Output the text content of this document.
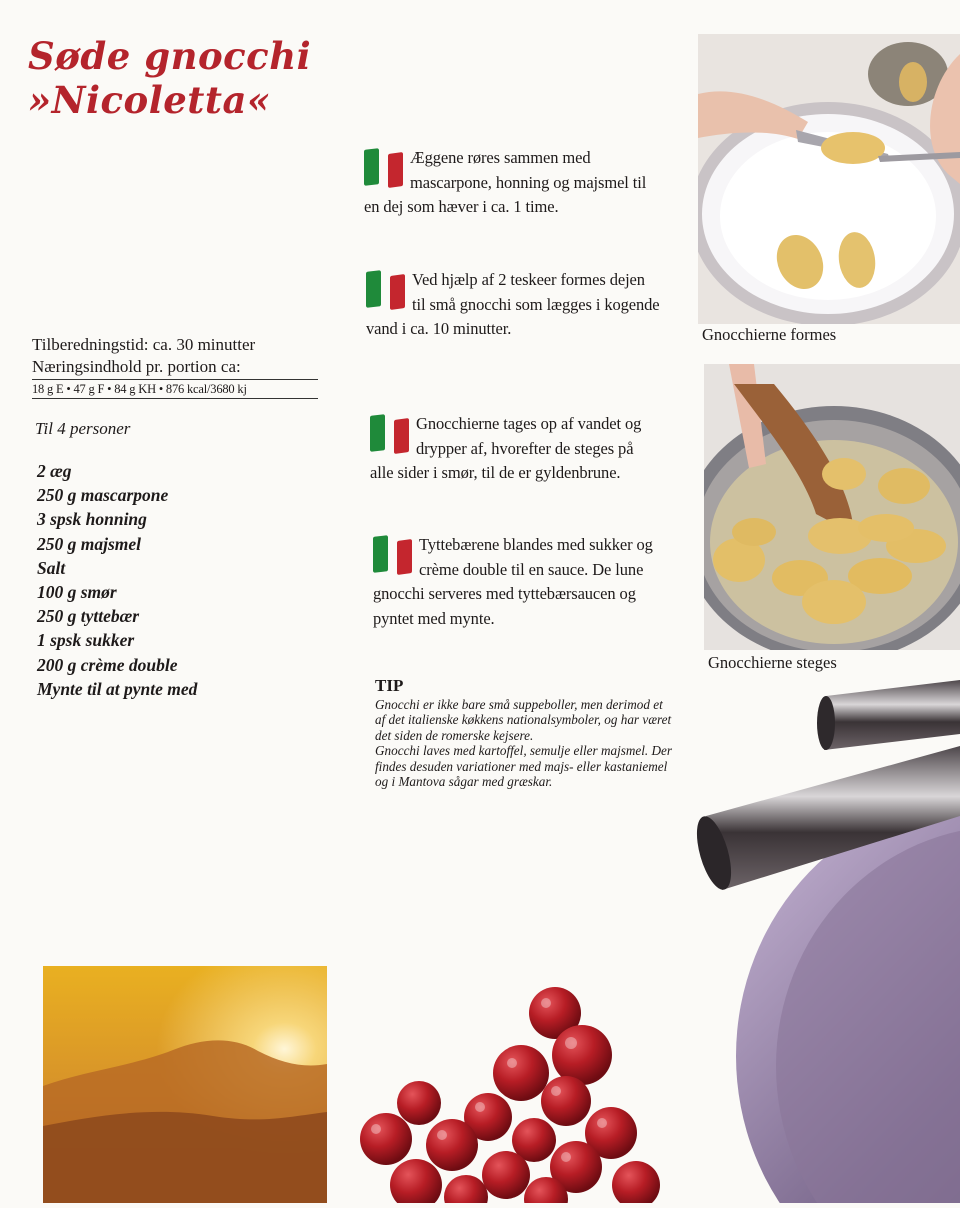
Søde gnocchi
»Nicoletta«
Tilberedningstid: ca. 30 minutter
Næringsindhold pr. portion ca:
18 g E • 47 g F • 84 g KH • 876 kcal/3680 kj
Til 4 personer
2 æg
250 g mascarpone
3 spsk honning
250 g majsmel
Salt
100 g smør
250 g tyttebær
1 spsk sukker
200 g crème double
Mynte til at pynte med
Æggene røres sammen med mascarpone, honning og majsmel til en dej som hæver i ca. 1 time.
Ved hjælp af 2 teskeer formes dejen til små gnocchi som lægges i kogende vand i ca. 10 minutter.
Gnocchierne tages op af vandet og drypper af, hvorefter de steges på alle sider i smør, til de er gyldenbrune.
Tyttebærene blandes med sukker og crème double til en sauce. De lune gnocchi serveres med tyttebærsaucen og pyntet med mynte.
TIP
Gnocchi er ikke bare små suppeboller, men derimod et af det italienske køkkens nationalsymboler, og har været det siden de romerske kejsere.
Gnocchi laves med kartoffel, semulje eller majsmel. Der findes desuden variationer med majs- eller kastaniemel og i Mantova sågar med græskar.
Gnocchierne formes
Gnocchierne steges
